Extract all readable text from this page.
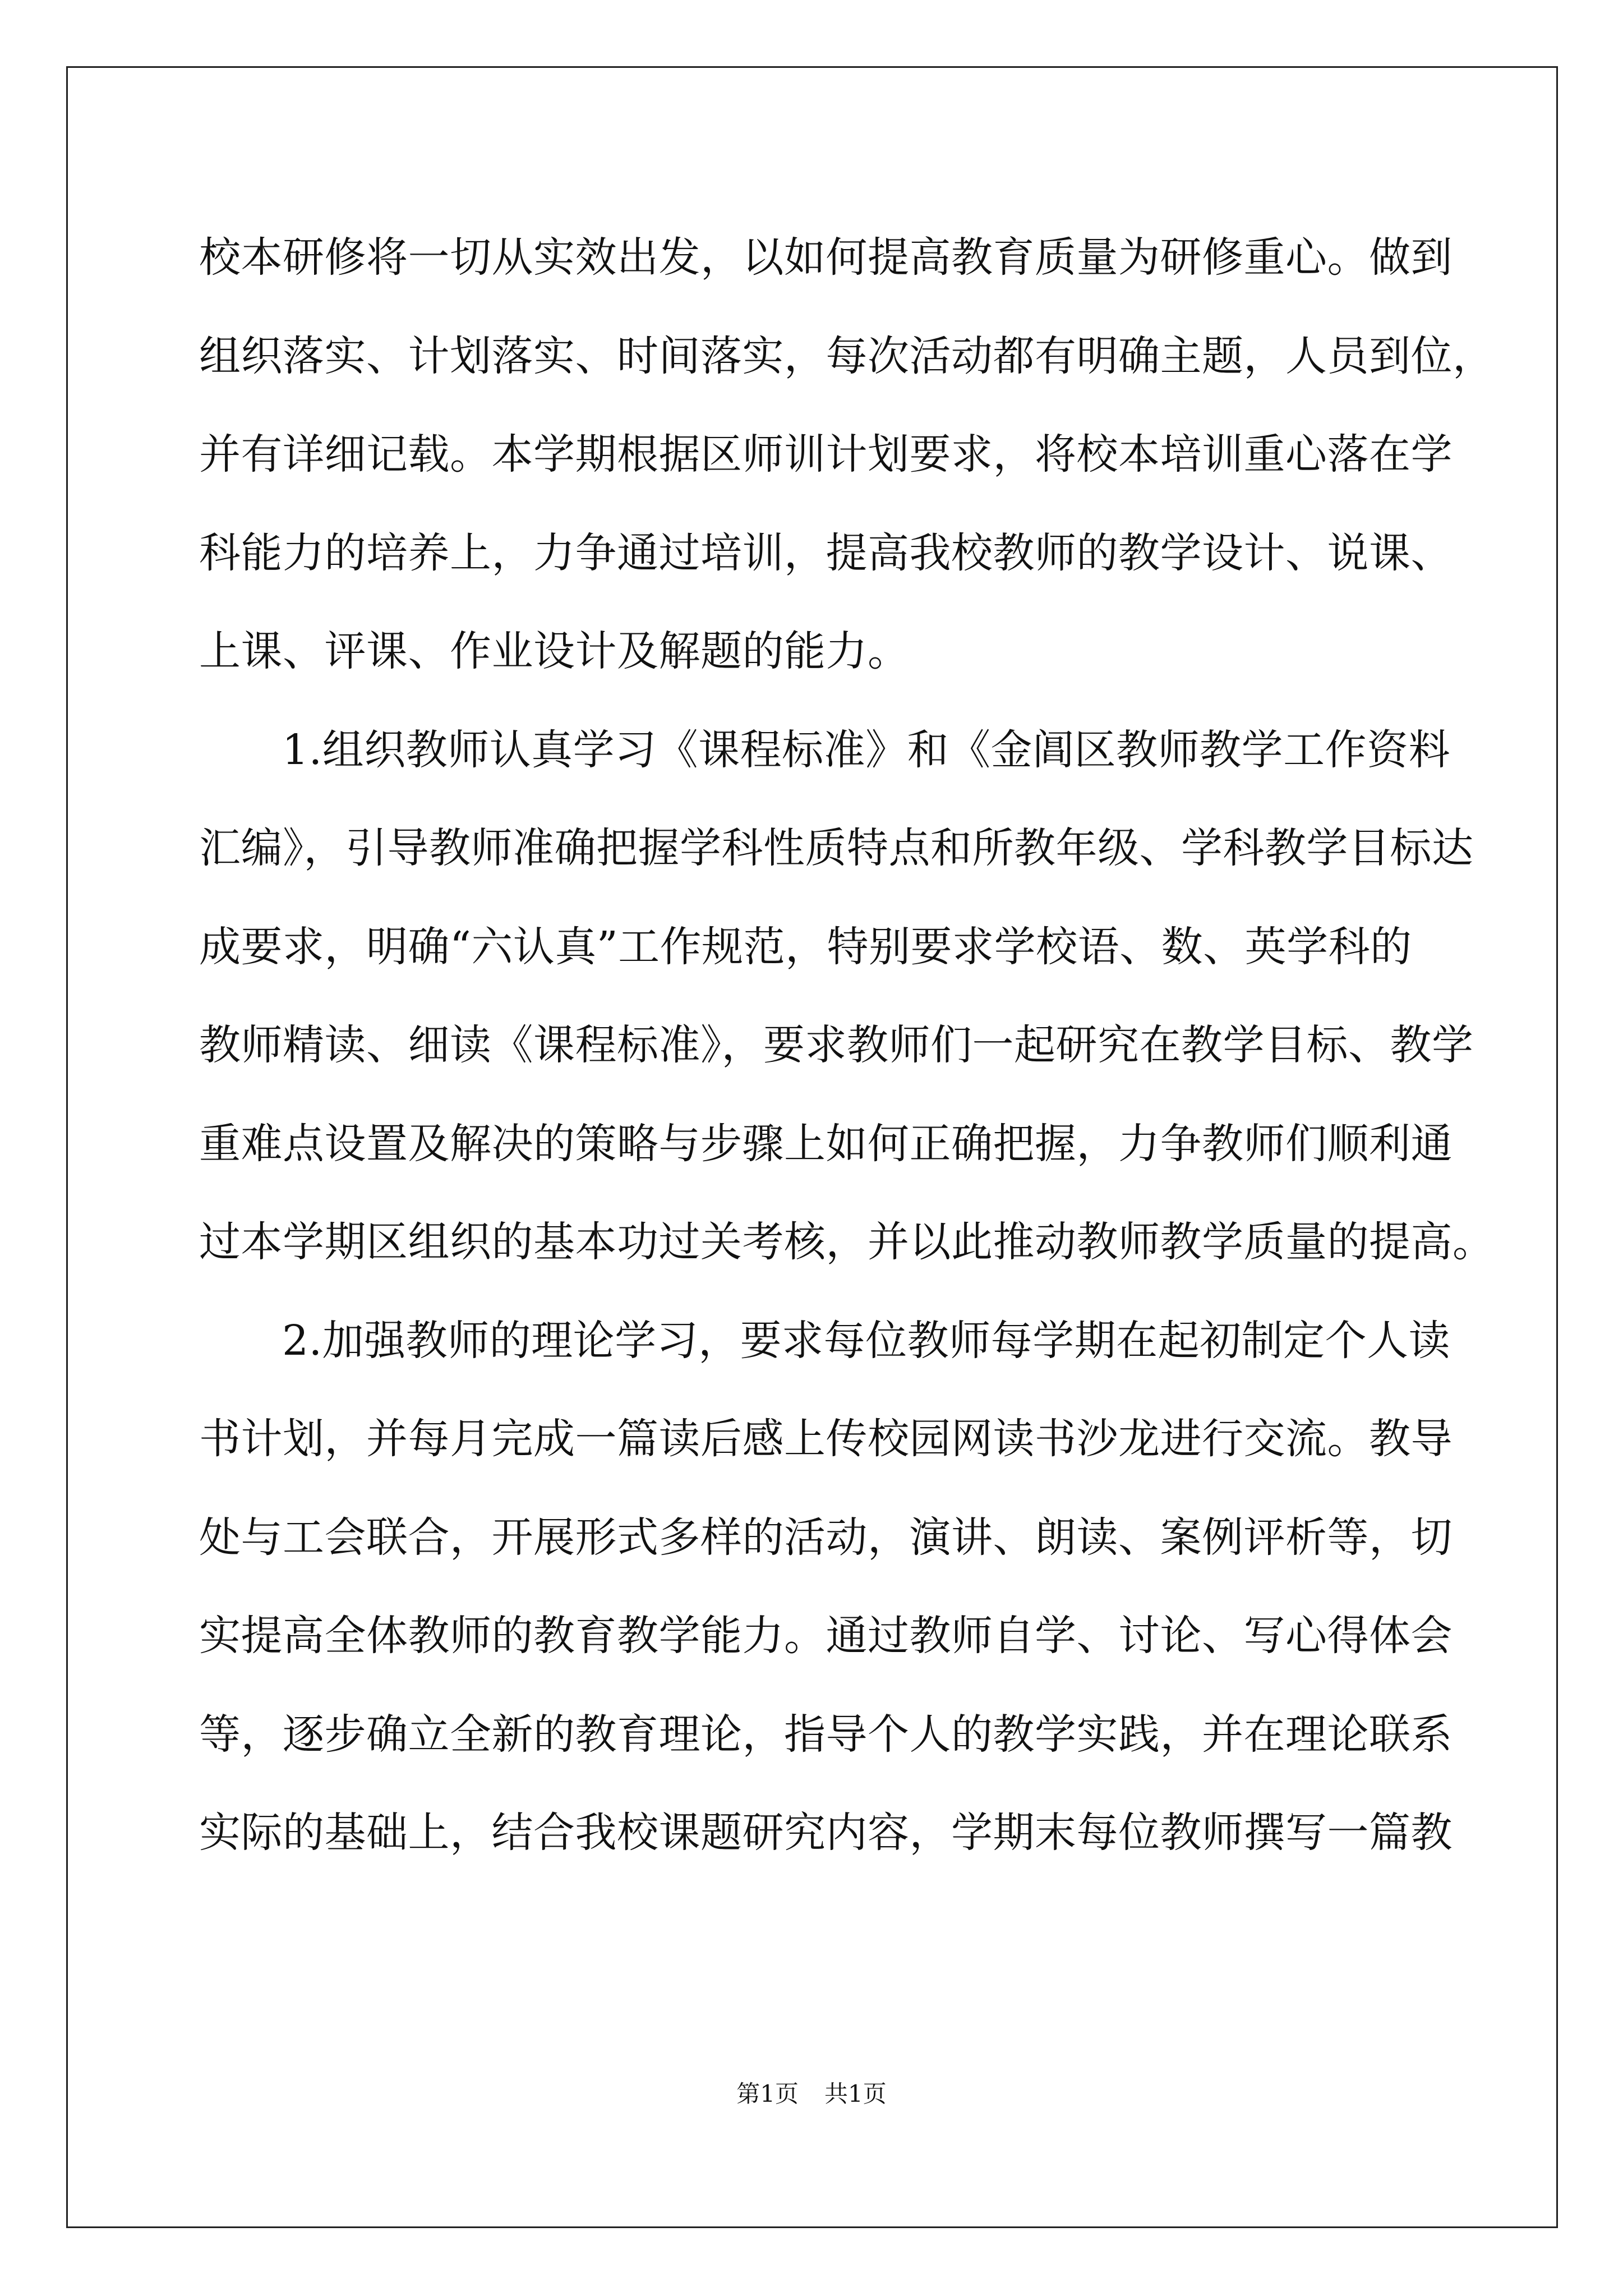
校本研修将一切从实效出发，以如何提高教育质量为研修重心。做到
组织落实、计划落实、时间落实，每次活动都有明确主题，人员到位，
并有详细记载。本学期根据区师训计划要求，将校本培训重心落在学
科能力的培养上，力争通过培训，提高我校教师的教学设计、说课、
上课、评课、作业设计及解题的能力。
1.组织教师认真学习《课程标准》和《金阊区教师教学工作资料
汇编》，引导教师准确把握学科性质特点和所教年级、学科教学目标达
成要求，明确“六认真”工作规范，特别要求学校语、数、英学科的
教师精读、细读《课程标准》，要求教师们一起研究在教学目标、教学
重难点设置及解决的策略与步骤上如何正确把握，力争教师们顺利通
过本学期区组织的基本功过关考核，并以此推动教师教学质量的提高。
2.加强教师的理论学习，要求每位教师每学期在起初制定个人读
书计划，并每月完成一篇读后感上传校园网读书沙龙进行交流。教导
处与工会联合，开展形式多样的活动，演讲、朗读、案例评析等，切
实提高全体教师的教育教学能力。通过教师自学、讨论、写心得体会
等，逐步确立全新的教育理论，指导个人的教学实践，并在理论联系
实际的基础上，结合我校课题研究内容，学期末每位教师撰写一篇教
第1页 共1页
